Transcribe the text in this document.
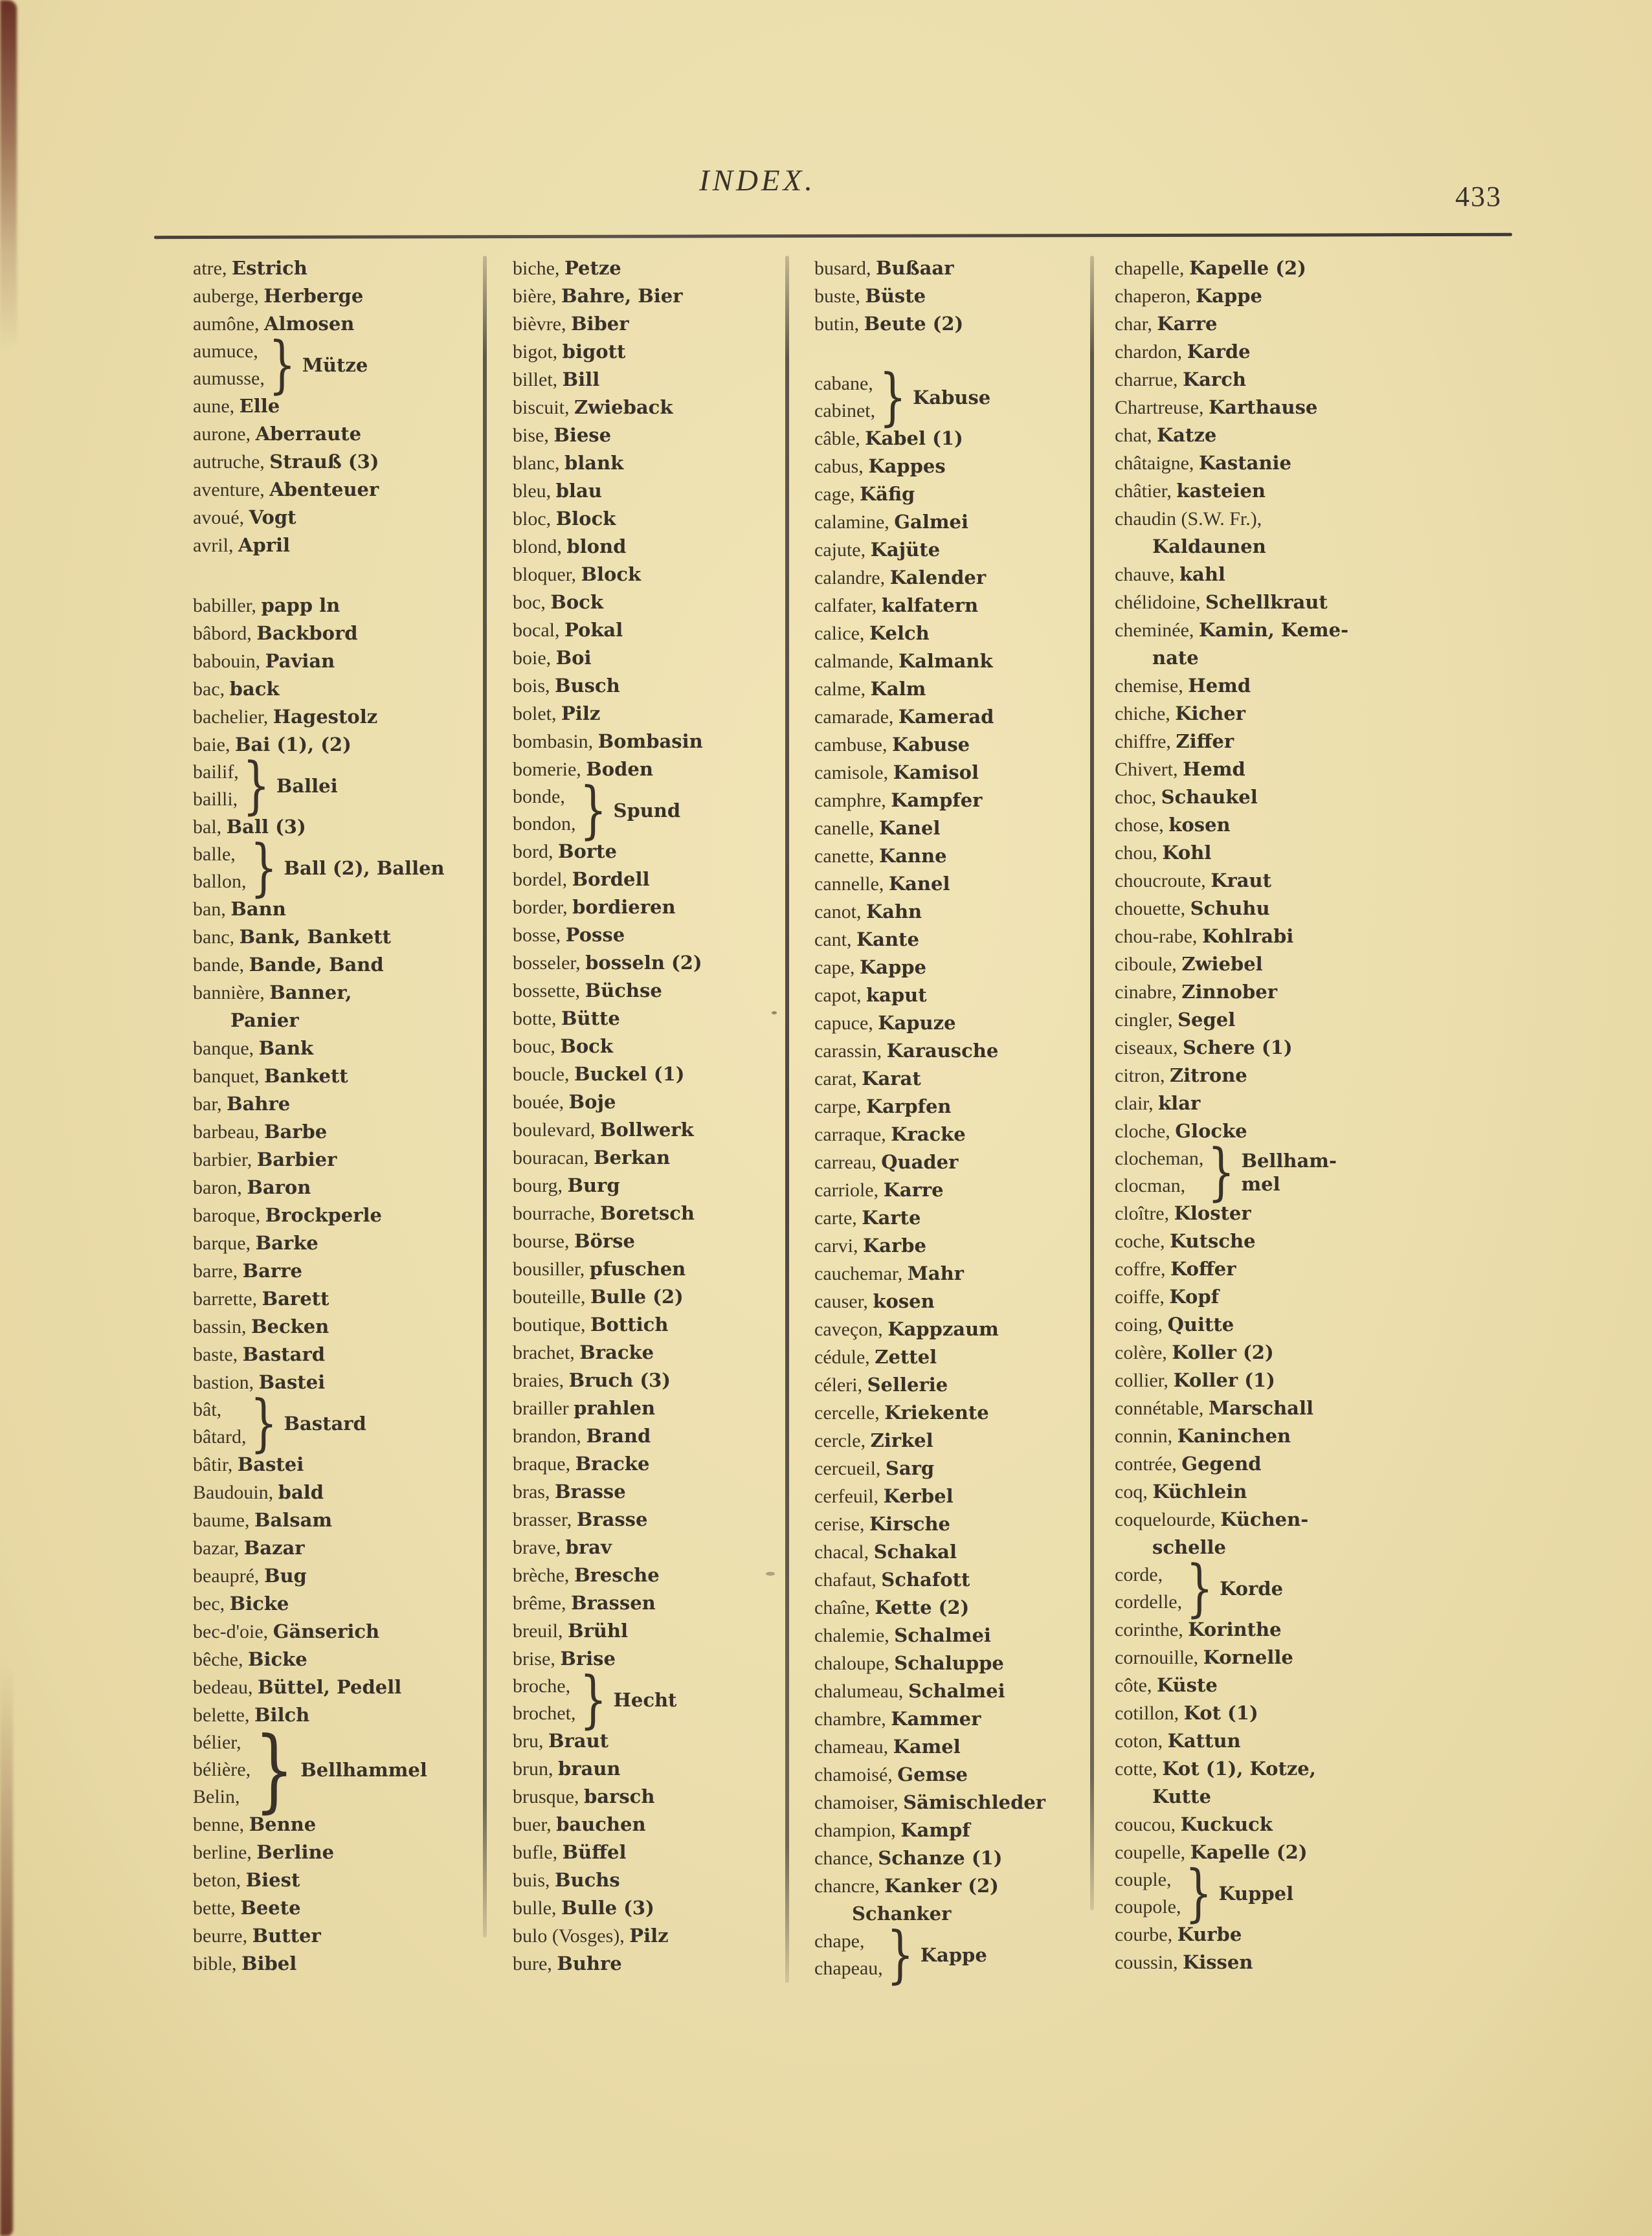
INDEX.	433
atre, Estrich
auberge, Herberge
aumône, Almosen
aumuce,
aumusse, } Mütze
aune, Elle
aurone, Aberraute
autruche, Strauß (3)
aventure, Abenteuer
avoué, Vogt
avril, April
babiller, papp ln
bâbord, Backbord
babouin, Pavian
bac, back
bachelier, Hagestolz
baie, Bai (1), (2)
bailif,
bailli, } Ballei
bal, Ball (3)
balle,
ballon, } Ball (2), Ballen
ban, Bann
banc, Bank, Bankett
bande, Bande, Band
bannière, Banner,
Panier
banque, Bank
banquet, Bankett
bar, Bahre
barbeau, Barbe
barbier, Barbier
baron, Baron
baroque, Brockperle
barque, Barke
barre, Barre
barrette, Barett
bassin, Becken
baste, Bastard
bastion, Bastei
bât,
bâtard, } Bastard
bâtir, Bastei
Baudouin, bald
baume, Balsam
bazar, Bazar
beaupré, Bug
bec, Bicke
bec-d'oie, Gänserich
bêche, Bicke
bedeau, Büttel, Pedell
belette, Bilch
bélier,
bélière,
Belin, } Bellhammel
benne, Benne
berline, Berline
beton, Biest
bette, Beete
beurre, Butter
bible, Bibel
biche, Petze
bière, Bahre, Bier
bièvre, Biber
bigot, bigott
billet, Bill
biscuit, Zwieback
bise, Biese
blanc, blank
bleu, blau
bloc, Block
blond, blond
bloquer, Block
boc, Bock
bocal, Pokal
boie, Boi
bois, Busch
bolet, Pilz
bombasin, Bombasin
bomerie, Boden
bonde,
bondon, } Spund
bord, Borte
bordel, Bordell
border, bordieren
bosse, Posse
bosseler, bosseln (2)
bossette, Büchse
botte, Bütte
bouc, Bock
boucle, Buckel (1)
bouée, Boje
boulevard, Bollwerk
bouracan, Berkan
bourg, Burg
bourrache, Boretsch
bourse, Börse
bousiller, pfuschen
bouteille, Bulle (2)
boutique, Bottich
brachet, Bracke
braies, Bruch (3)
brailler prahlen
brandon, Brand
braque, Bracke
bras, Brasse
brasser, Brasse
brave, brav
brèche, Bresche
brême, Brassen
breuil, Brühl
brise, Brise
broche,
brochet, } Hecht
bru, Braut
brun, braun
brusque, barsch
buer, bauchen
bufle, Büffel
buis, Buchs
bulle, Bulle (3)
bulo (Vosges), Pilz
bure, Buhre
busard, Bußaar
buste, Büste
butin, Beute (2)
cabane,
cabinet, } Kabuse
câble, Kabel (1)
cabus, Kappes
cage, Käfig
calamine, Galmei
cajute, Kajüte
calandre, Kalender
calfater, kalfatern
calice, Kelch
calmande, Kalmank
calme, Kalm
camarade, Kamerad
cambuse, Kabuse
camisole, Kamisol
camphre, Kampfer
canelle, Kanel
canette, Kanne
cannelle, Kanel
canot, Kahn
cant, Kante
cape, Kappe
capot, kaput
capuce, Kapuze
carassin, Karausche
carat, Karat
carpe, Karpfen
carraque, Kracke
carreau, Quader
carriole, Karre
carte, Karte
carvi, Karbe
cauchemar, Mahr
causer, kosen
caveçon, Kappzaum
cédule, Zettel
céleri, Sellerie
cercelle, Kriekente
cercle, Zirkel
cercueil, Sarg
cerfeuil, Kerbel
cerise, Kirsche
chacal, Schakal
chafaut, Schafott
chaîne, Kette (2)
chalemie, Schalmei
chaloupe, Schaluppe
chalumeau, Schalmei
chambre, Kammer
chameau, Kamel
chamoisé, Gemse
chamoiser, Sämischleder
champion, Kampf
chance, Schanze (1)
chancre, Kanker (2)
Schanker
chape,
chapeau, } Kappe
chapelle, Kapelle (2)
chaperon, Kappe
char, Karre
chardon, Karde
charrue, Karch
Chartreuse, Karthause
chat, Katze
châtaigne, Kastanie
châtier, kasteien
chaudin (S.W. Fr.),
Kaldaunen
chauve, kahl
chélidoine, Schellkraut
cheminée, Kamin, Keme-
nate
chemise, Hemd
chiche, Kicher
chiffre, Ziffer
Chivert, Hemd
choc, Schaukel
chose, kosen
chou, Kohl
choucroute, Kraut
chouette, Schuhu
chou-rabe, Kohlrabi
ciboule, Zwiebel
cinabre, Zinnober
cingler, Segel
ciseaux, Schere (1)
citron, Zitrone
clair, klar
cloche, Glocke
clocheman,
clocman, } Bellham-
mel
cloître, Kloster
coche, Kutsche
coffre, Koffer
coiffe, Kopf
coing, Quitte
colère, Koller (2)
collier, Koller (1)
connétable, Marschall
connin, Kaninchen
contrée, Gegend
coq, Küchlein
coquelourde, Küchen-
schelle
corde,
cordelle, } Korde
corinthe, Korinthe
cornouille, Kornelle
côte, Küste
cotillon, Kot (1)
coton, Kattun
cotte, Kot (1), Kotze,
Kutte
coucou, Kuckuck
coupelle, Kapelle (2)
couple,
coupole, } Kuppel
courbe, Kurbe
coussin, Kissen
